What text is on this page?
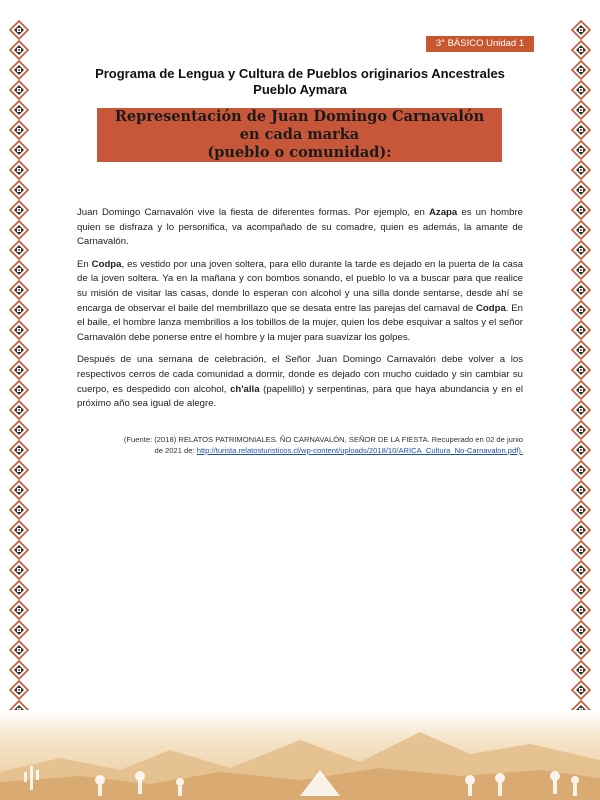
3° BÁSICO Unidad 1
Programa de Lengua y Cultura de Pueblos originarios Ancestrales
Pueblo Aymara
Representación de Juan Domingo Carnavalón en cada marka
(pueblo o comunidad):

Juan Domingo Carnavalón vive la fiesta de diferentes formas. Por ejemplo, en Azapa es un hombre quien se disfraza y lo personifica, va acompañado de su comadre, quien es además, la amante de Carnavalón.

En Codpa, es vestido por una joven soltera, para ello durante la tarde es dejado en la puerta de la casa de la joven soltera. Ya en la mañana y con bombos sonando, el pueblo lo va a buscar para que realice su misión de visitar las casas, donde lo esperan con alcohol y una silla donde sentarse, desde ahí se encarga de observar el baile del membrillazo que se desata entre las parejas del carnaval de Codpa. En el baile, el hombre lanza membrillos a los tobillos de la mujer, quien los debe esquivar a saltos y el señor Carnavalón debe ponerse entre el hombre y la mujer para suavizar los golpes.

Después de una semana de celebración, el Señor Juan Domingo Carnavalón debe volver a los respectivos cerros de cada comunidad a dormir, donde es dejado con mucho cuidado y sin cambiar su cuerpo, es despedido con alcohol, ch'alla (papelillo) y serpentinas, para que haya abundancia y en el próximo año sea igual de alegre.

(Fuente: (2018) RELATOS PATRIMONIALES. ÑO CARNAVALÓN, SEÑOR DE LA FIESTA. Recuperado en 02 de junio de 2021 de: http://turista.relatosturisticos.cl/wp-content/uploads/2018/10/ARICA_Cultura_No-Carnavalon.pdf).
